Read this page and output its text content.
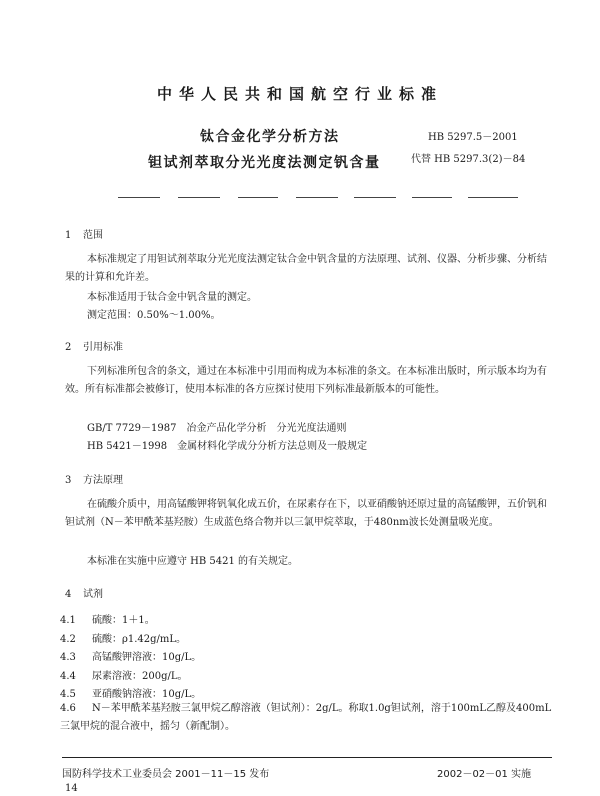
中华人民共和国航空行业标准
钛合金化学分析方法
钽试剂萃取分光光度法测定钒含量
HB 5297.5－2001
代替 HB 5297.3(2)－84
1 范围
本标准规定了用钽试剂萃取分光光度法测定钛合金中钒含量的方法原理、试剂、仪器、分析步骤、分析结果的计算和允许差。
本标准适用于钛合金中钒含量的测定。
测定范围：0.50%～1.00%。
2 引用标准
下列标准所包含的条文，通过在本标准中引用而构成为本标准的条文。在本标准出版时，所示版本均为有效。所有标准都会被修订，使用本标准的各方应探讨使用下列标准最新版本的可能性。
GB/T 7729－1987　冶金产品化学分析　分光光度法通则
HB 5421－1998　金属材料化学成分分析方法总则及一般规定
3 方法原理
在硫酸介质中，用高锰酸钾将钒氧化成五价，在尿素存在下，以亚硝酸钠还原过量的高锰酸钾，五价钒和钽试剂（N－苯甲酰苯基羟胺）生成蓝色络合物并以三氯甲烷萃取，于480nm波长处测量吸光度。
本标准在实施中应遵守 HB 5421 的有关规定。
4 试剂
4.1 硫酸：1＋1。
4.2 硫酸：ρ1.42g/mL。
4.3 高锰酸钾溶液：10g/L。
4.4 尿素溶液：200g/L。
4.5 亚硝酸钠溶液：10g/L。
4.6 N－苯甲酰苯基羟胺三氯甲烷乙醇溶液（钽试剂）：2g/L。称取1.0g钽试剂，溶于100mL乙醇及400mL三氯甲烷的混合液中，摇匀（新配制）。
国防科学技术工业委员会 2001－11－15 发布	2002－02－01 实施
14
